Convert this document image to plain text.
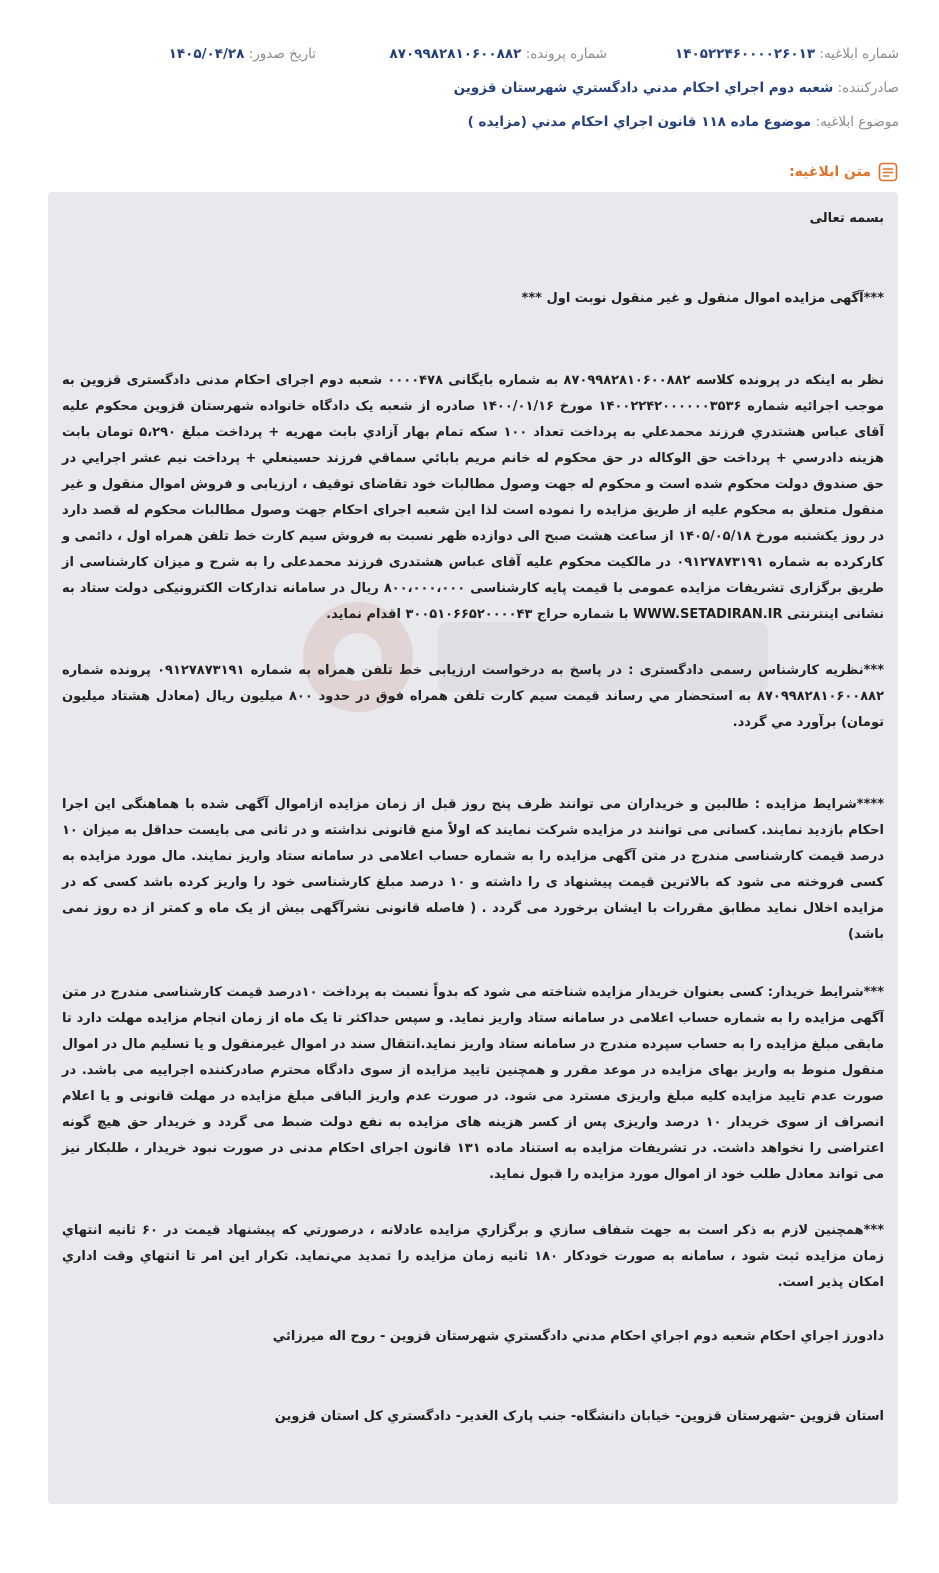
شماره ابلاغیه: ۱۴۰۵۲۲۴۶۰۰۰۰۲۶۰۱۳
شماره پرونده: ۸۷۰۹۹۸۲۸۱۰۶۰۰۸۸۲
تاریخ صدور: ۱۴۰۵/۰۴/۲۸
صادرکننده: شعبه دوم اجراي احکام مدني دادگستري شهرستان قزوين
موضوع ابلاغیه: موضوع ماده ۱۱۸ قانون اجراي احکام مدني (مزايده )
متن ابلاغیه:

بسمه تعالی

***آگهی مزایده اموال منقول و غیر منقول نوبت اول ***

نظر به اینکه در پرونده کلاسه ۸۷۰۹۹۸۲۸۱۰۶۰۰۸۸۲ به شماره بایگانی ۰۰۰۰۴۷۸ شعبه دوم اجرای احکام مدنی دادگستری قزوین به موجب اجرائیه شماره ۱۴۰۰۲۲۴۲۰۰۰۰۰۰۳۵۳۶ مورخ ۱۴۰۰/۰۱/۱۶ صادره از شعبه یک دادگاه خانواده شهرستان قزوین محکوم علیه آقای عباس هشتدري فرزند محمدعلي به پرداخت تعداد ۱۰۰ سکه تمام بهار آزادي بابت مهريه + پرداخت مبلغ ۵،۲۹۰ تومان بابت هزينه دادرسي + پرداخت حق الوکاله در حق محکوم له خانم مريم بابائي سماقي فرزند حسينعلي + پرداخت نيم عشر اجرايي در حق صندوق دولت محکوم شده است و محکوم له جهت وصول مطالبات خود تقاضای توقیف ، ارزیابی و فروش اموال منقول و غیر منقول متعلق به محکوم علیه از طریق مزایده را نموده است لذا این شعبه اجرای احکام جهت وصول مطالبات محکوم له قصد دارد در روز یکشنبه مورخ ۱۴۰۵/۰۵/۱۸ از ساعت هشت صبح الی دوازده ظهر نسبت به فروش سیم کارت خط تلفن همراه اول ، دائمی و کارکرده به شماره ۰۹۱۲۷۸۷۳۱۹۱ در مالکیت محکوم علیه آقای عباس هشتدری فرزند محمدعلی را به شرح و میزان کارشناسی از طریق برگزاری تشریفات مزایده عمومی با قیمت پایه کارشناسی ۸۰۰،۰۰۰،۰۰۰ ریال در سامانه تدارکات الکترونیکی دولت ستاد به نشانی اینترنتی WWW.SETADIRAN.IR با شماره حراج ۳۰۰۵۱۰۶۶۵۲۰۰۰۰۴۳ اقدام نماید.

***نظریه کارشناس رسمی دادگستری : در پاسخ به درخواست ارزیابی خط تلفن همراه به شماره ۰۹۱۲۷۸۷۳۱۹۱ پرونده شماره ۸۷۰۹۹۸۲۸۱۰۶۰۰۸۸۲ به استحضار مي رساند قيمت سيم کارت تلفن همراه فوق در حدود ۸۰۰ ميليون ريال (معادل هشتاد ميليون تومان) برآورد مي گردد.

****شرایط مزایده : طالبین و خریداران می توانند ظرف پنج روز قبل از زمان مزایده ازاموال آگهی شده با هماهنگی این اجرا احکام بازدید نمایند. کسانی می توانند در مزایده شرکت نمایند که اولاً منع قانونی نداشته و در ثانی می بایست حداقل به میزان ۱۰ درصد قیمت کارشناسی مندرج در متن آگهی مزایده را به شماره حساب اعلامی در سامانه ستاد واریز نمایند. مال مورد مزایده به کسی فروخته می شود که بالاترین قیمت پیشنهاد ی را داشته و ۱۰ درصد مبلغ کارشناسی خود را واریز کرده باشد کسی که در مزایده اخلال نماید مطابق مقررات با ایشان برخورد می گردد . ( فاصله قانونی نشرآگهی بیش از یک ماه و کمتر از ده روز نمی باشد)

***شرایط خریدار: کسی بعنوان خریدار مزایده شناخته می شود که بدواً نسبت به پرداخت ۱۰درصد قیمت کارشناسی مندرج در متن آگهی مزایده را به شماره حساب اعلامی در سامانه ستاد واریز نماید. و سپس حداکثر تا یک ماه از زمان انجام مزایده مهلت دارد تا مابقی مبلغ مزایده را به حساب سپرده مندرج در سامانه ستاد واریز نماید.انتقال سند در اموال غیرمنقول و یا تسلیم مال در اموال منقول منوط به واریز بهای مزایده در موعد مقرر و همچنین تایید مزایده از سوی دادگاه محترم صادرکننده اجراییه می باشد. در صورت عدم تایید مزایده کلیه مبلغ واریزی مسترد می شود. در صورت عدم واریز الباقی مبلغ مزایده در مهلت قانونی و یا اعلام انصراف از سوی خریدار ۱۰ درصد واریزی پس از کسر هزینه های مزایده به نفع دولت ضبط می گردد و خریدار حق هیچ گونه اعتراضی را نخواهد داشت. در تشریفات مزایده به استناد ماده ۱۳۱ قانون اجرای احکام مدنی در صورت نبود خریدار ، طلبکار نیز می تواند معادل طلب خود از اموال مورد مزایده را قبول نماید.

***همچنين لازم به ذکر است به جهت شفاف سازي و برگزاري مزايده عادلانه ، درصورتي که پيشنهاد قيمت در ۶۰ ثانيه انتهاي زمان مزايده ثبت شود ، سامانه به صورت خودکار ۱۸۰ ثانيه زمان مزايده را تمديد مي‌نمايد. تکرار اين امر تا انتهاي وقت اداري امکان پذير است.

دادورز اجراي احکام شعبه دوم اجراي احکام مدني دادگستري شهرستان قزوين - روح اله ميرزائي

استان قزوين -شهرستان قزوين- خيابان دانشگاه- جنب پارک الغدير- دادگستري کل استان قزوين
